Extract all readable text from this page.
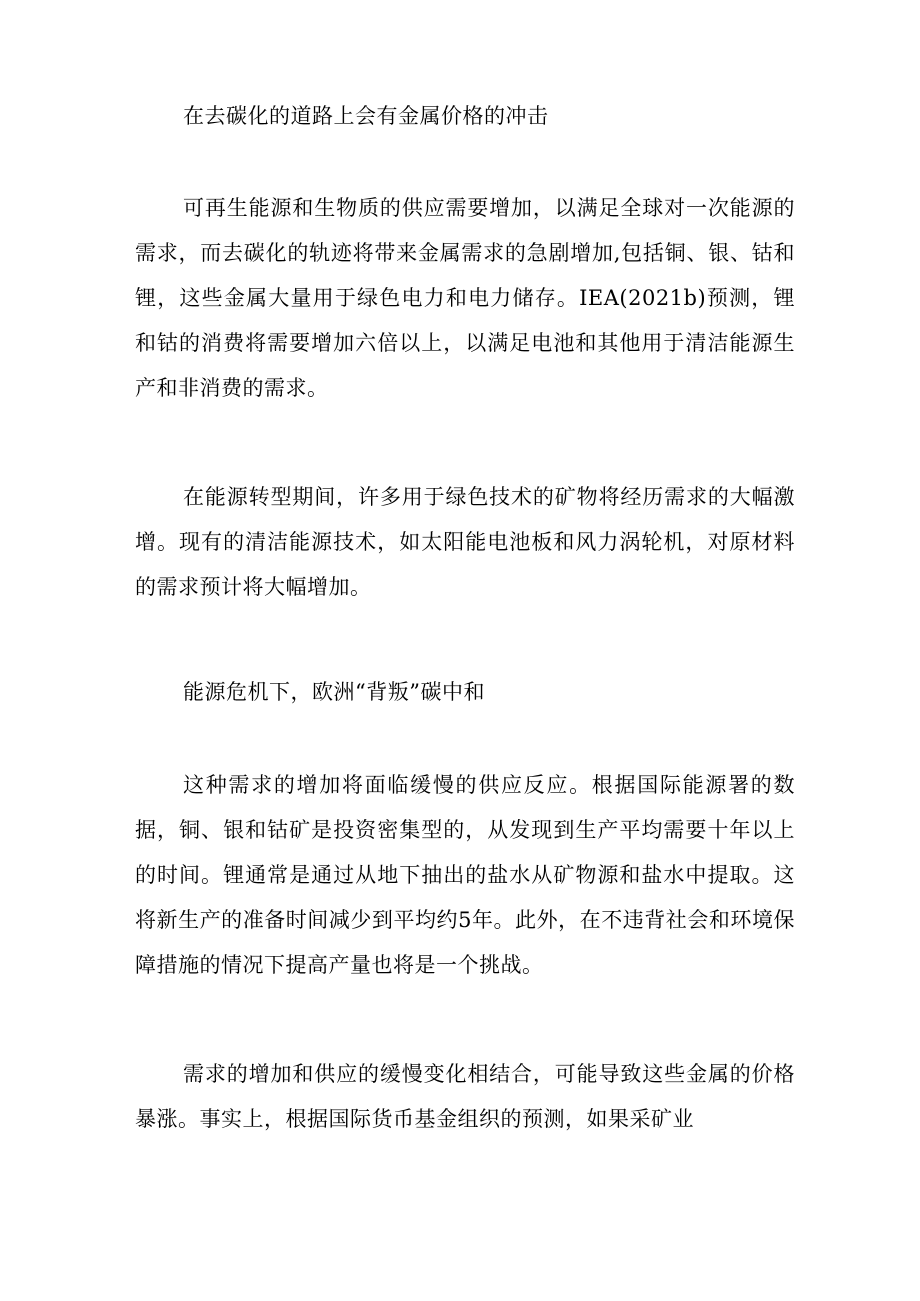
在去碳化的道路上会有金属价格的冲击

可再生能源和生物质的供应需要增加，以满足全球对一次能源的需求，而去碳化的轨迹将带来金属需求的急剧增加,包括铜、银、钴和锂，这些金属大量用于绿色电力和电力储存。IEA(2021b)预测，锂和钴的消费将需要增加六倍以上，以满足电池和其他用于清洁能源生产和非消费的需求。

在能源转型期间，许多用于绿色技术的矿物将经历需求的大幅激增。现有的清洁能源技术，如太阳能电池板和风力涡轮机，对原材料的需求预计将大幅增加。

能源危机下，欧洲“背叛”碳中和

这种需求的增加将面临缓慢的供应反应。根据国际能源署的数据，铜、银和钴矿是投资密集型的，从发现到生产平均需要十年以上的时间。锂通常是通过从地下抽出的盐水从矿物源和盐水中提取。这将新生产的准备时间减少到平均约5年。此外，在不违背社会和环境保障措施的情况下提高产量也将是一个挑战。

需求的增加和供应的缓慢变化相结合，可能导致这些金属的价格暴涨。事实上，根据国际货币基金组织的预测，如果采矿业
